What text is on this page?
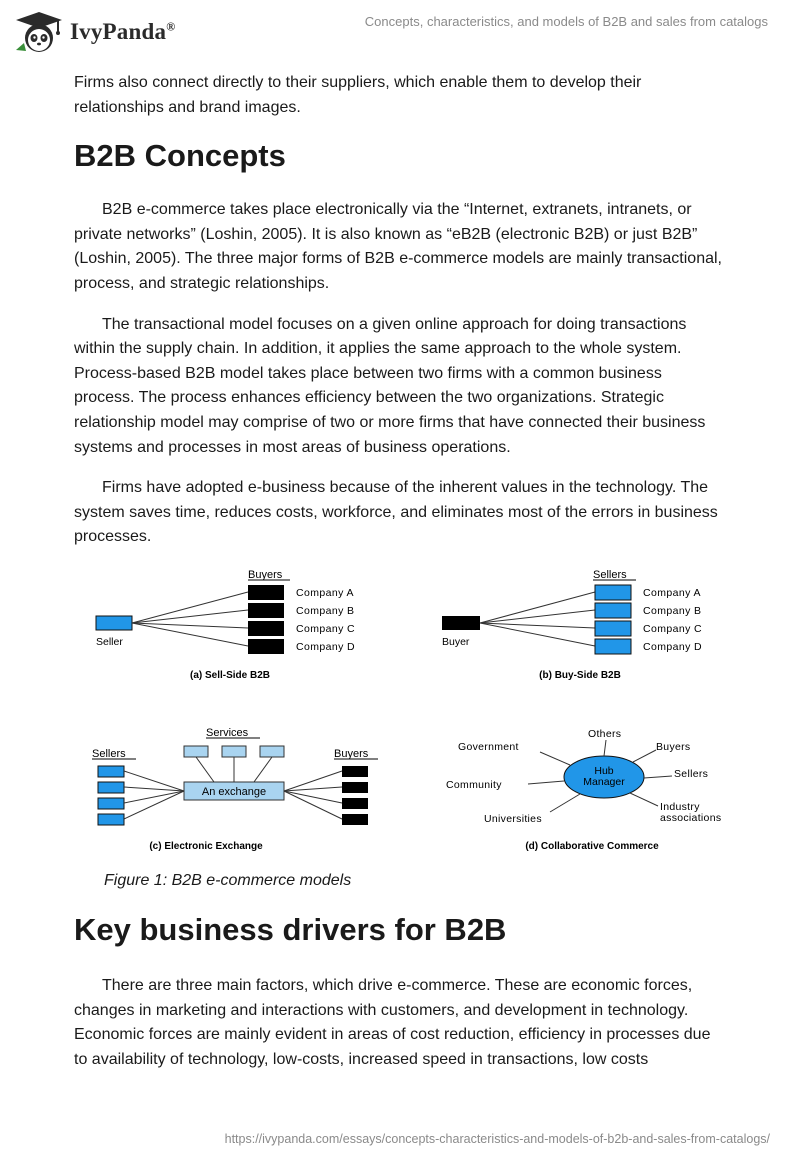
IvyPanda®	Concepts, characteristics, and models of B2B and sales from catalogs

Firms also connect directly to their suppliers, which enable them to develop their relationships and brand images.

B2B Concepts

B2B e-commerce takes place electronically via the “Internet, extranets, intranets, or private networks” (Loshin, 2005). It is also known as “eB2B (electronic B2B) or just B2B” (Loshin, 2005). The three major forms of B2B e-commerce models are mainly transactional, process, and strategic relationships.

The transactional model focuses on a given online approach for doing transactions within the supply chain. In addition, it applies the same approach to the whole system. Process-based B2B model takes place between two firms with a common business process. The process enhances efficiency between the two organizations. Strategic relationship model may comprise of two or more firms that have connected their business systems and processes in most areas of business operations.

Firms have adopted e-business because of the inherent values in the technology. The system saves time, reduces costs, workforce, and eliminates most of the errors in business processes.

Buyers
Seller
Company A
Company B
Company C
Company D
(a) Sell-Side B2B
Sellers
Buyer
Company A
Company B
Company C
Company D
(b) Buy-Side B2B
Services
Sellers	Buyers
An exchange
(c) Electronic Exchange
Hub
Manager
Others
Government	Buyers
Sellers
Community
Universities
Industry
associations
(d) Collaborative Commerce
Figure 1: B2B e-commerce models
Key business drivers for B2B

There are three main factors, which drive e-commerce. These are economic forces, changes in marketing and interactions with customers, and development in technology. Economic forces are mainly evident in areas of cost reduction, efficiency in processes due to availability of technology, low-costs, increased speed in transactions, low costs

https://ivypanda.com/essays/concepts-characteristics-and-models-of-b2b-and-sales-from-catalogs/
